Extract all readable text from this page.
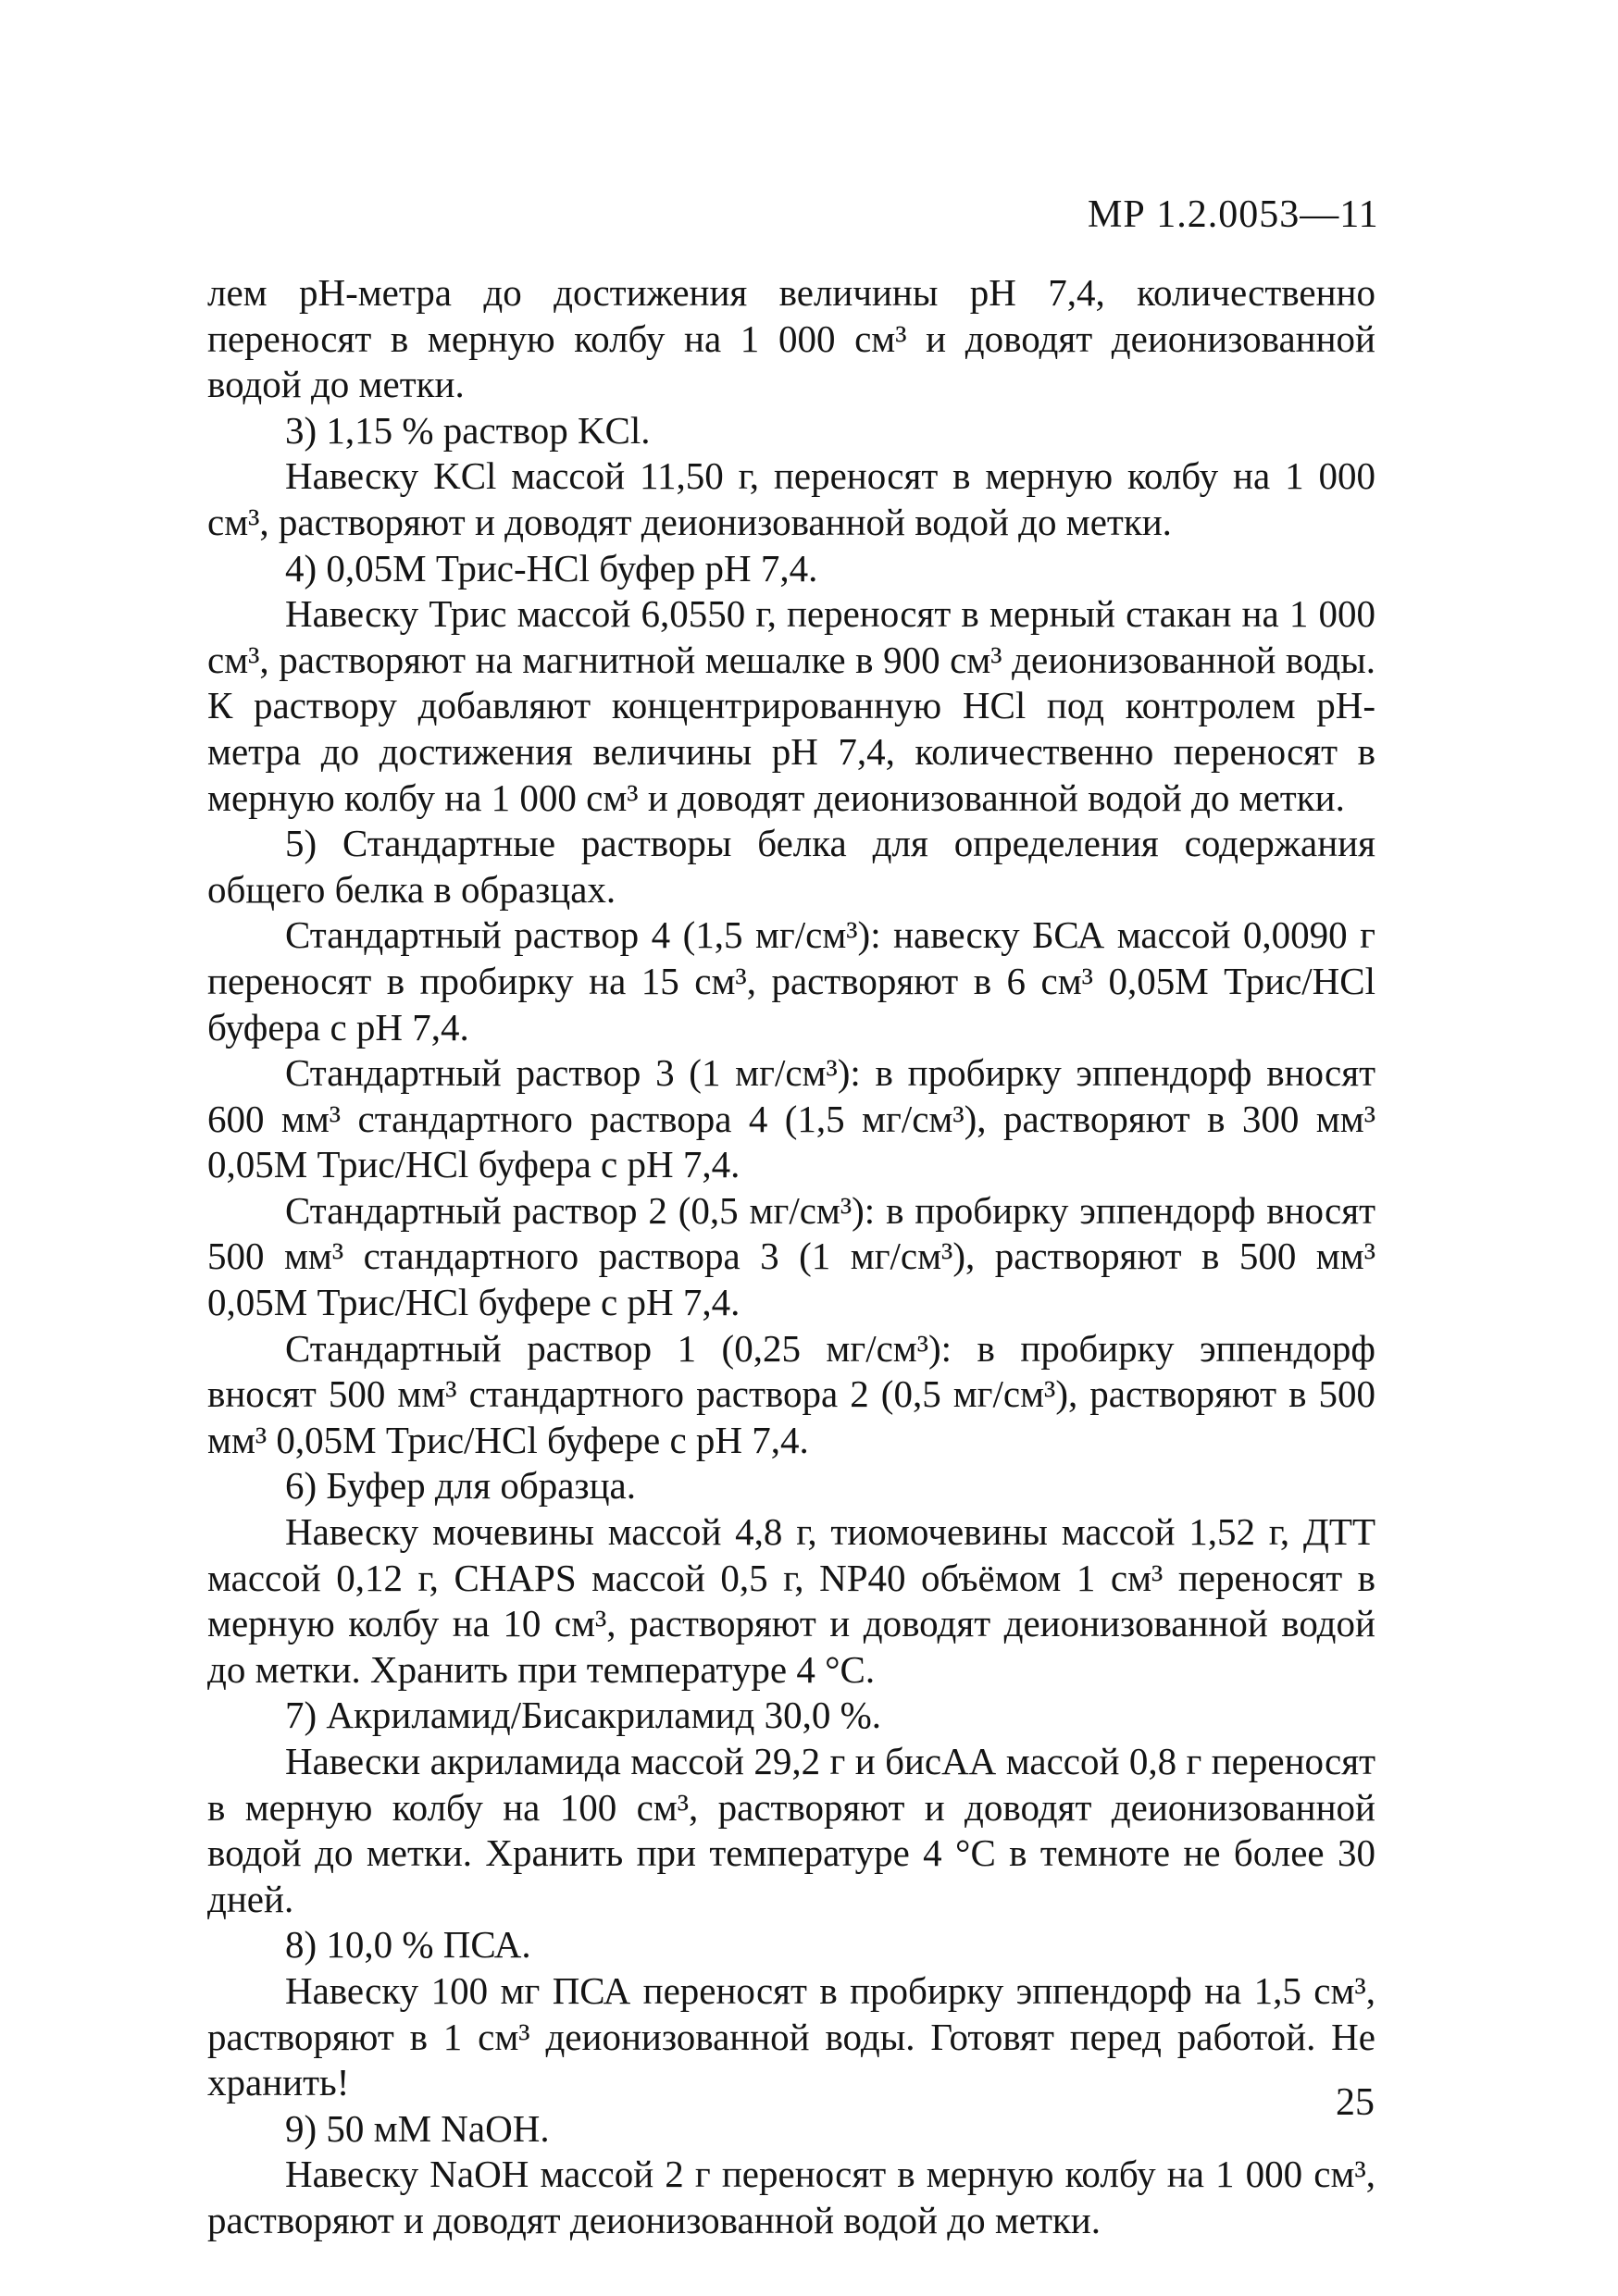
МР 1.2.0053—11

лем рН-метра до достижения величины рН 7,4, количественно переносят в мерную колбу на 1 000 см³ и доводят деионизованной водой до метки.

3) 1,15 % раствор KCl.

Навеску KCl массой 11,50 г, переносят в мерную колбу на 1 000 см³, растворяют и доводят деионизованной водой до метки.

4) 0,05М Трис-HCl буфер рН 7,4.

Навеску Трис массой 6,0550 г, переносят в мерный стакан на 1 000 см³, растворяют на магнитной мешалке в 900 см³ деионизованной воды. К раствору добавляют концентрированную HCl под контролем рН-метра до достижения величины рН 7,4, количественно переносят в мерную колбу на 1 000 см³ и доводят деионизованной водой до метки.

5) Стандартные растворы белка для определения содержания общего белка в образцах.

Стандартный раствор 4 (1,5 мг/см³): навеску БСА массой 0,0090 г переносят в пробирку на 15 см³, растворяют в 6 см³ 0,05М Трис/HCl буфера с рН 7,4.

Стандартный раствор 3 (1 мг/см³): в пробирку эппендорф вносят 600 мм³ стандартного раствора 4 (1,5 мг/см³), растворяют в 300 мм³ 0,05М Трис/HCl буфера с рН 7,4.

Стандартный раствор 2 (0,5 мг/см³): в пробирку эппендорф вносят 500 мм³ стандартного раствора 3 (1 мг/см³), растворяют в 500 мм³ 0,05М Трис/HCl буфере с рН 7,4.

Стандартный раствор 1 (0,25 мг/см³): в пробирку эппендорф вносят 500 мм³ стандартного раствора 2 (0,5 мг/см³), растворяют в 500 мм³ 0,05М Трис/HCl буфере с рН 7,4.

6) Буфер для образца.

Навеску мочевины массой 4,8 г, тиомочевины массой 1,52 г, ДТТ массой 0,12 г, CHAPS массой 0,5 г, NP40 объёмом 1 см³ переносят в мерную колбу на 10 см³, растворяют и доводят деионизованной водой до метки. Хранить при температуре 4 °С.

7) Акриламид/Бисакриламид 30,0 %.

Навески акриламида массой 29,2 г и бисАА массой 0,8 г переносят в мерную колбу на 100 см³, растворяют и доводят деионизованной водой до метки. Хранить при температуре 4 °С в темноте не более 30 дней.

8) 10,0 % ПСА.

Навеску 100 мг ПСА переносят в пробирку эппендорф на 1,5 см³, растворяют в 1 см³ деионизованной воды. Готовят перед работой. Не хранить!

9) 50 мМ NaOH.

Навеску NaOH массой 2 г переносят в мерную колбу на 1 000 см³, растворяют и доводят деионизованной водой до метки.

25
